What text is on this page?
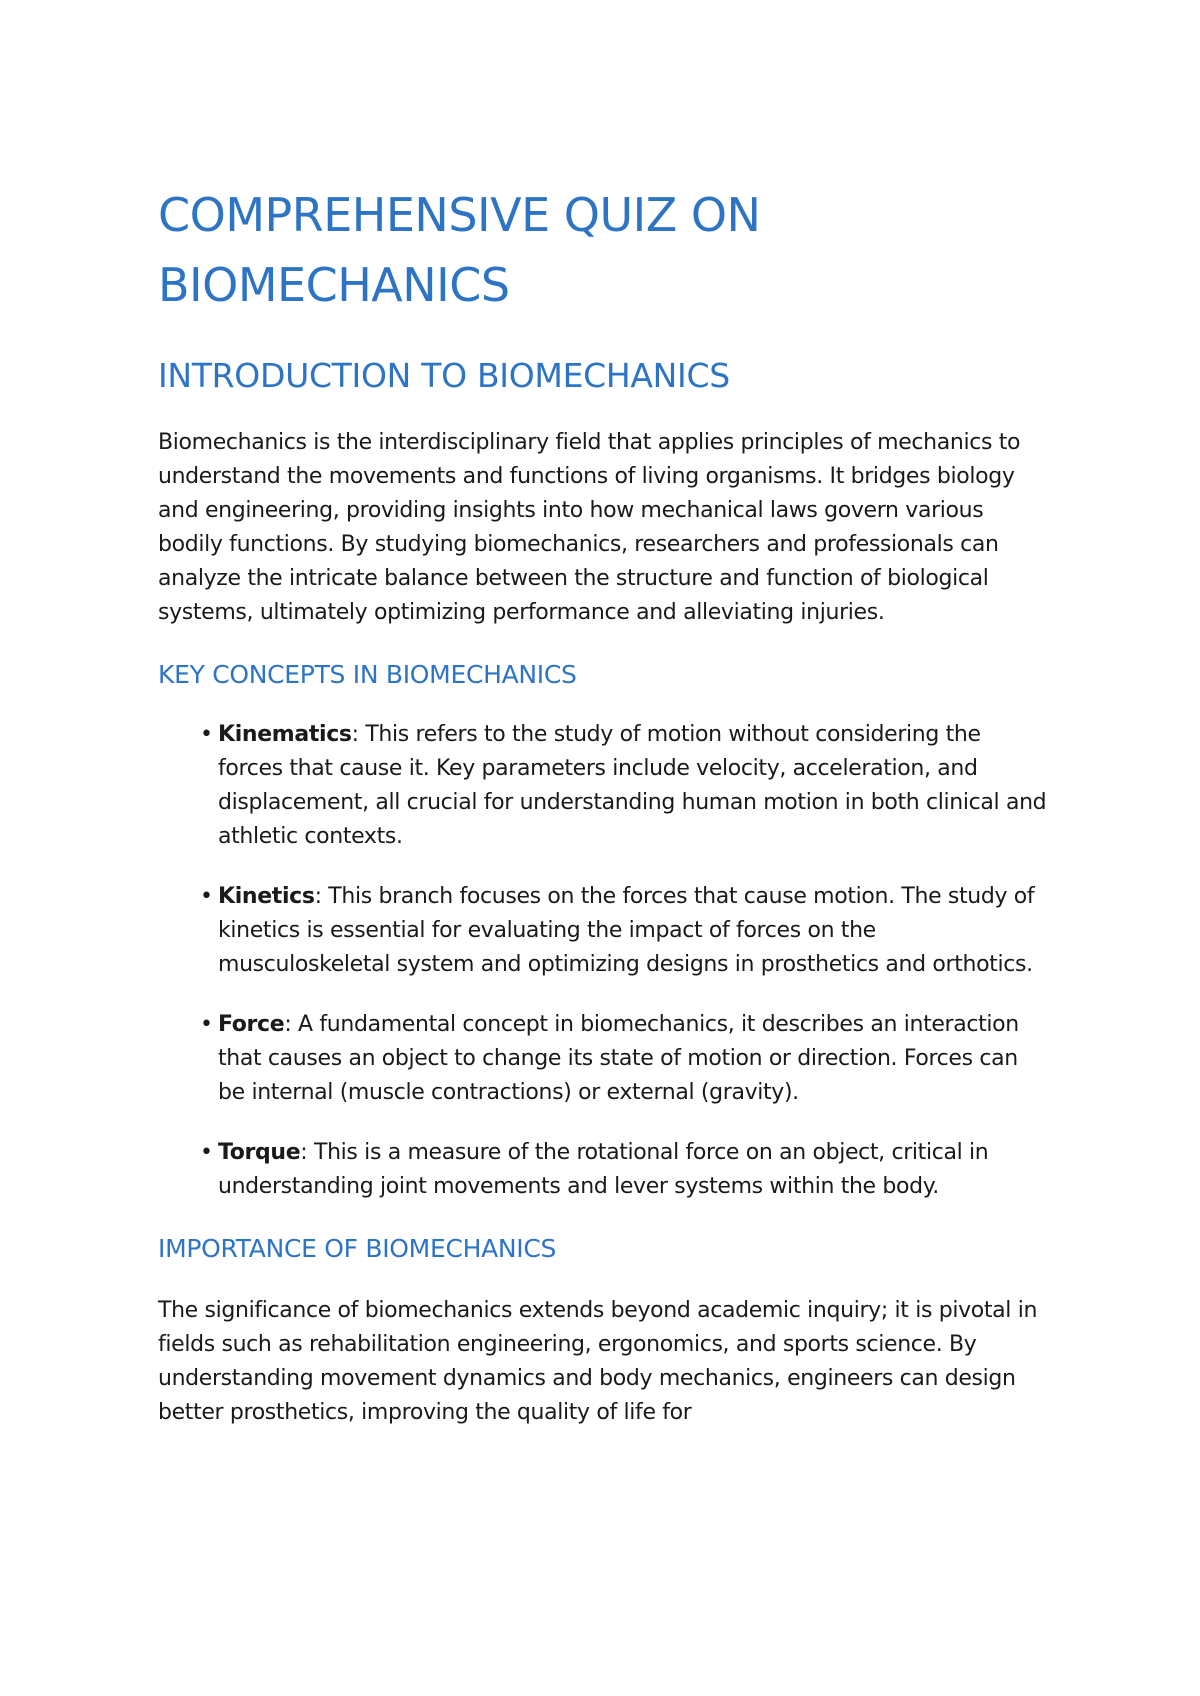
COMPREHENSIVE QUIZ ON BIOMECHANICS
INTRODUCTION TO BIOMECHANICS

Biomechanics is the interdisciplinary field that applies principles of mechanics to understand the movements and functions of living organisms. It bridges biology and engineering, providing insights into how mechanical laws govern various bodily functions. By studying biomechanics, researchers and professionals can analyze the intricate balance between the structure and function of biological systems, ultimately optimizing performance and alleviating injuries.

KEY CONCEPTS IN BIOMECHANICS
• Kinematics: This refers to the study of motion without considering the forces that cause it. Key parameters include velocity, acceleration, and displacement, all crucial for understanding human motion in both clinical and athletic contexts.
• Kinetics: This branch focuses on the forces that cause motion. The study of kinetics is essential for evaluating the impact of forces on the musculoskeletal system and optimizing designs in prosthetics and orthotics.
• Force: A fundamental concept in biomechanics, it describes an interaction that causes an object to change its state of motion or direction. Forces can be internal (muscle contractions) or external (gravity).
• Torque: This is a measure of the rotational force on an object, critical in understanding joint movements and lever systems within the body.
IMPORTANCE OF BIOMECHANICS

The significance of biomechanics extends beyond academic inquiry; it is pivotal in fields such as rehabilitation engineering, ergonomics, and sports science. By understanding movement dynamics and body mechanics, engineers can design better prosthetics, improving the quality of life for
